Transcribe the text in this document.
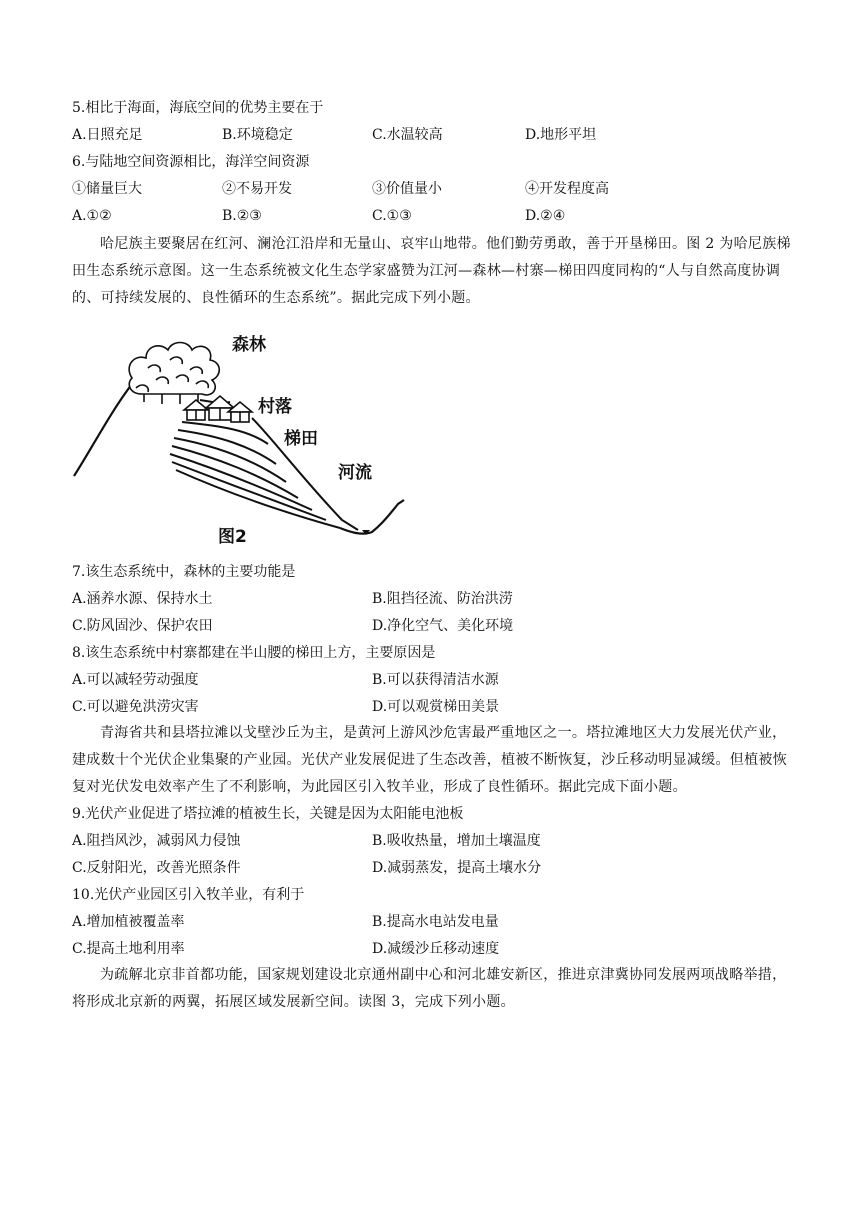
5.相比于海面，海底空间的优势主要在于
A.日照充足	B.环境稳定	C.水温较高	D.地形平坦
6.与陆地空间资源相比，海洋空间资源
①储量巨大	②不易开发	③价值量小	④开发程度高
A.①②	B.②③	C.①③	D.②④
哈尼族主要聚居在红河、澜沧江沿岸和无量山、哀牢山地带。他们勤劳勇敢，善于开垦梯田。图 2 为哈尼族梯田生态系统示意图。这一生态系统被文化生态学家盛赞为江河—森林—村寨—梯田四度同构的“人与自然高度协调的、可持续发展的、良性循环的生态系统”。据此完成下列小题。
森林
村落
梯田
河流
图2
7.该生态系统中，森林的主要功能是
A.涵养水源、保持水土	B.阻挡径流、防治洪涝
C.防风固沙、保护农田	D.净化空气、美化环境
8.该生态系统中村寨都建在半山腰的梯田上方，主要原因是
A.可以减轻劳动强度	B.可以获得清洁水源
C.可以避免洪涝灾害	D.可以观赏梯田美景
青海省共和县塔拉滩以戈壁沙丘为主，是黄河上游风沙危害最严重地区之一。塔拉滩地区大力发展光伏产业，建成数十个光伏企业集聚的产业园。光伏产业发展促进了生态改善，植被不断恢复，沙丘移动明显减缓。但植被恢复对光伏发电效率产生了不利影响，为此园区引入牧羊业，形成了良性循环。据此完成下面小题。
9.光伏产业促进了塔拉滩的植被生长，关键是因为太阳能电池板
A.阻挡风沙，减弱风力侵蚀	B.吸收热量，增加土壤温度
C.反射阳光，改善光照条件	D.减弱蒸发，提高土壤水分
10.光伏产业园区引入牧羊业，有利于
A.增加植被覆盖率	B.提高水电站发电量
C.提高土地利用率	D.减缓沙丘移动速度
为疏解北京非首都功能，国家规划建设北京通州副中心和河北雄安新区，推进京津冀协同发展两项战略举措，将形成北京新的两翼，拓展区域发展新空间。读图 3，完成下列小题。
